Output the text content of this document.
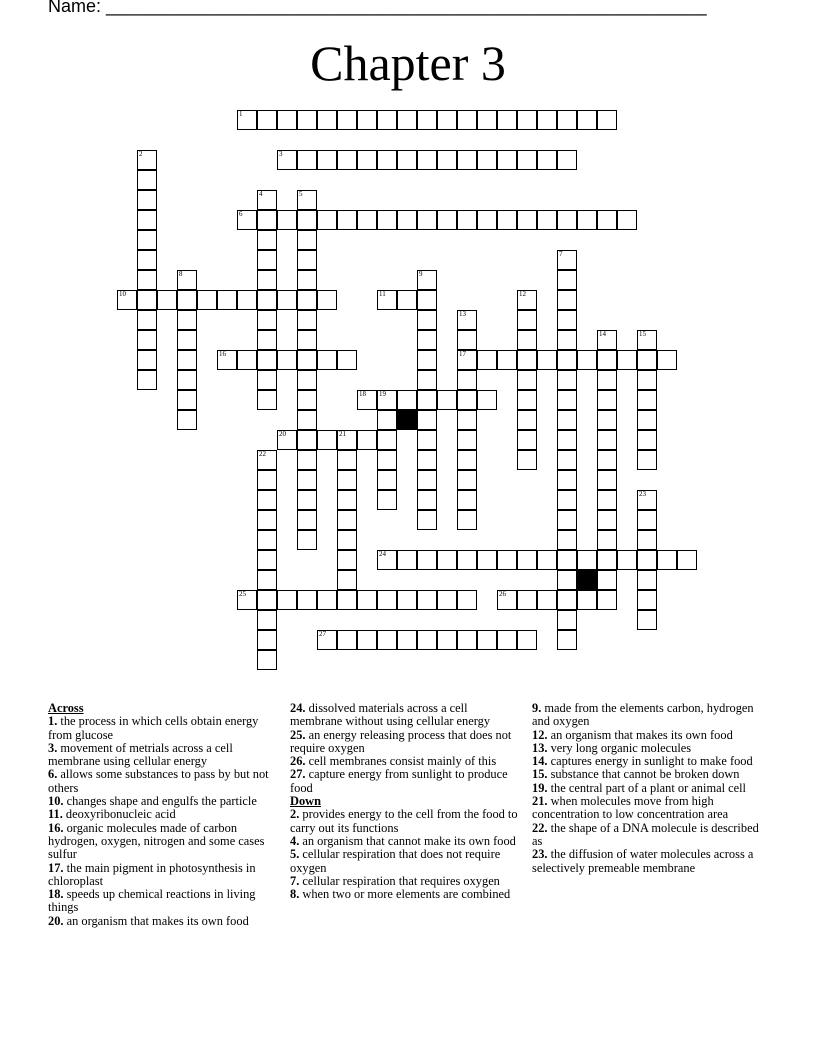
Name: ____________________________________________________________
Chapter 3
1
2	3
4	5
6
7
8	9
10	11	12
13
17
14	15
16
18 19
20	21
22
23
24
25	26
27
Across
1. the process in which cells obtain energy from glucose
3. movement of metrials across a cell membrane using cellular energy
6. allows some substances to pass by but not others
10. changes shape and engulfs the particle
11. deoxyribonucleic acid
16. organic molecules made of carbon hydrogen, oxygen, nitrogen and some cases sulfur
17. the main pigment in photosynthesis in chloroplast
18. speeds up chemical reactions in living things
20. an organism that makes its own food
24. dissolved materials across a cell membrane without using cellular energy
25. an energy releasing process that does not require oxygen
26. cell membranes consist mainly of this
27. capture energy from sunlight to produce food
Down
2. provides energy to the cell from the food to carry out its functions
4. an organism that cannot make its own food
5. cellular respiration that does not require oxygen
7. cellular respiration that requires oxygen
8. when two or more elements are combined
9. made from the elements carbon, hydrogen and oxygen
12. an organism that makes its own food
13. very long organic molecules
14. captures energy in sunlight to make food
15. substance that cannot be broken down
19. the central part of a plant or animal cell
21. when molecules move from high concentration to low concentration area
22. the shape of a DNA molecule is described as
23. the diffusion of water molecules across a selectively premeable membrane
